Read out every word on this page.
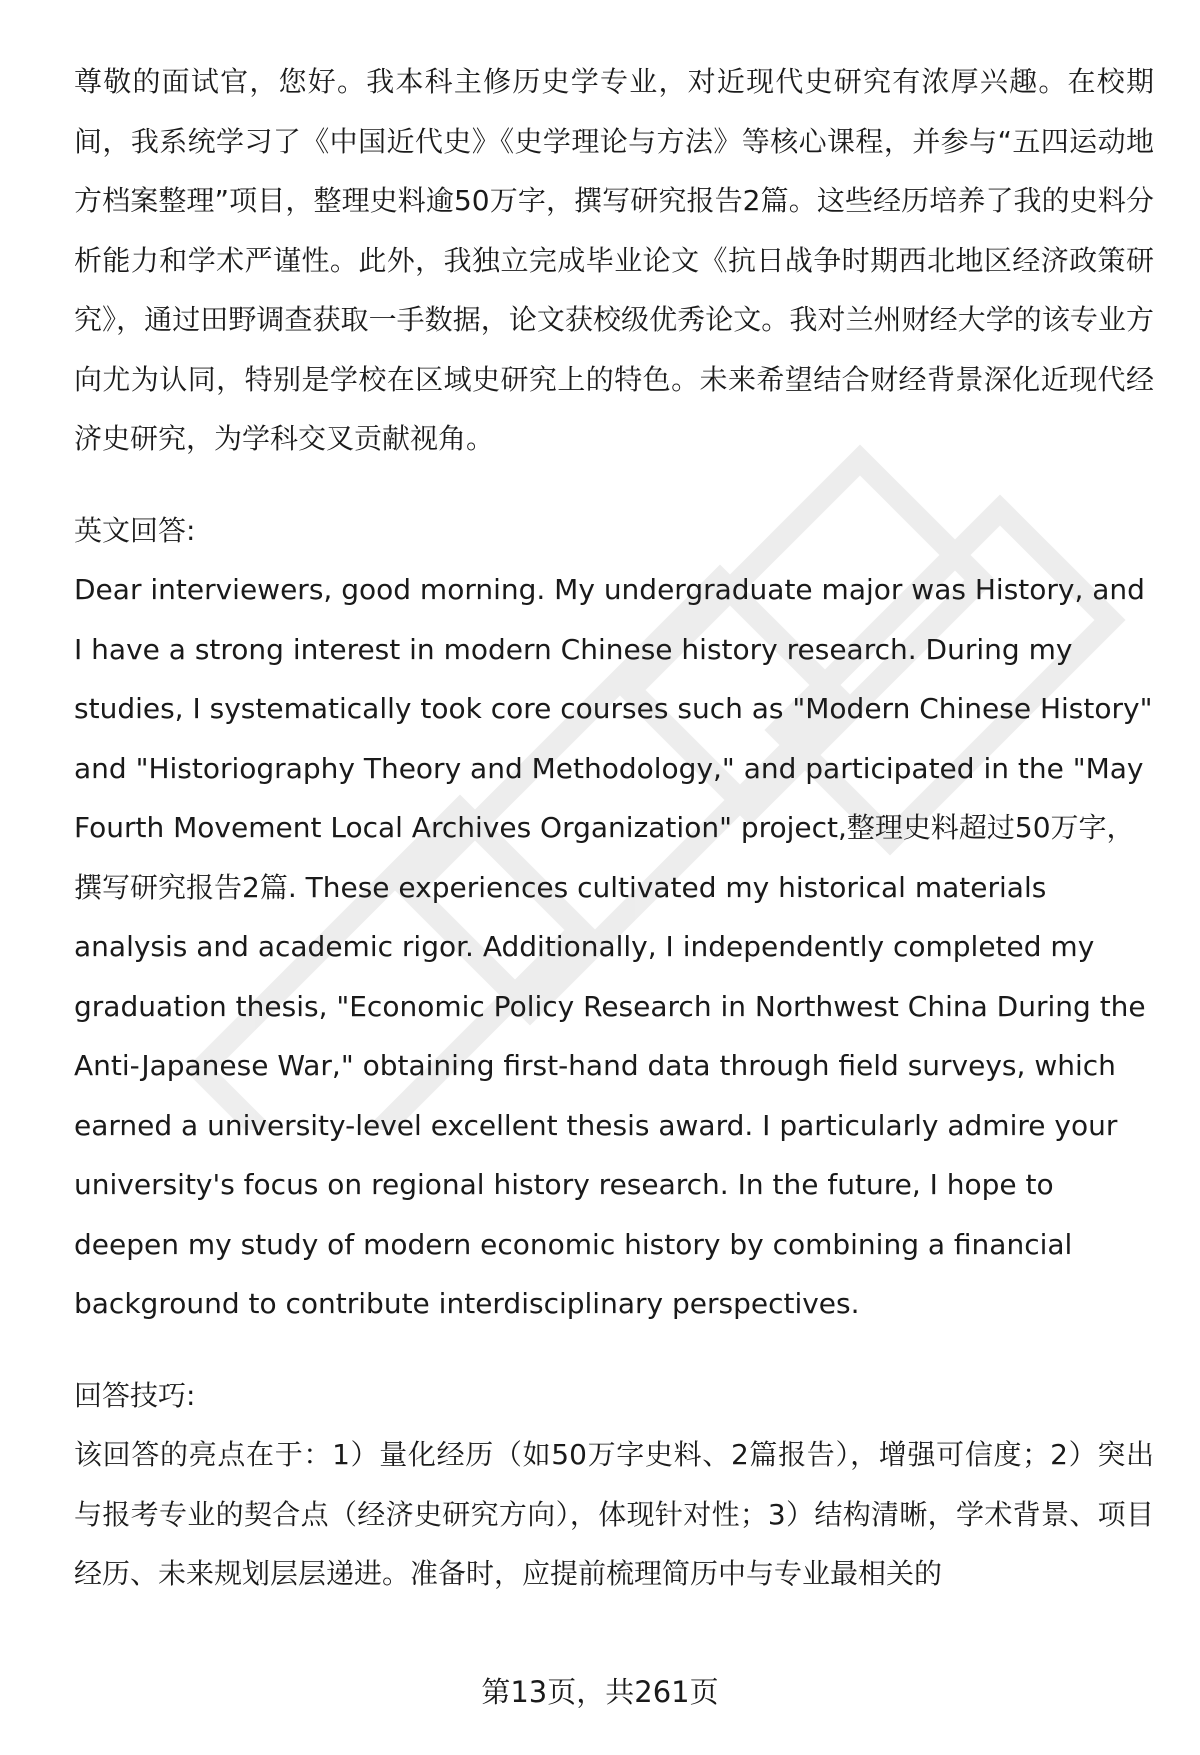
尊敬的面试官，您好。我本科主修历史学专业，对近现代史研究有浓厚兴趣。在校期间，我系统学习了《中国近代史》《史学理论与方法》等核心课程，并参与“五四运动地方档案整理”项目，整理史料逾50万字，撰写研究报告2篇。这些经历培养了我的史料分析能力和学术严谨性。此外，我独立完成毕业论文《抗日战争时期西北地区经济政策研究》，通过田野调查获取一手数据，论文获校级优秀论文。我对兰州财经大学的该专业方向尤为认同，特别是学校在区域史研究上的特色。未来希望结合财经背景深化近现代经济史研究，为学科交叉贡献视角。

英文回答:

Dear interviewers, good morning. My undergraduate major was History, and I have a strong interest in modern Chinese history research. During my studies, I systematically took core courses such as "Modern Chinese History" and "Historiography Theory and Methodology," and participated in the "May Fourth Movement Local Archives Organization" project,整理史料超过50万字，撰写研究报告2篇. These experiences cultivated my historical materials analysis and academic rigor. Additionally, I independently completed my graduation thesis, "Economic Policy Research in Northwest China During the Anti-Japanese War," obtaining first-hand data through field surveys, which earned a university-level excellent thesis award. I particularly admire your university's focus on regional history research. In the future, I hope to deepen my study of modern economic history by combining a financial background to contribute interdisciplinary perspectives.

回答技巧:

该回答的亮点在于：1）量化经历（如50万字史料、2篇报告），增强可信度；2）突出与报考专业的契合点（经济史研究方向），体现针对性；3）结构清晰，学术背景、项目经历、未来规划层层递进。准备时，应提前梳理简历中与专业最相关的

第13页，共261页
